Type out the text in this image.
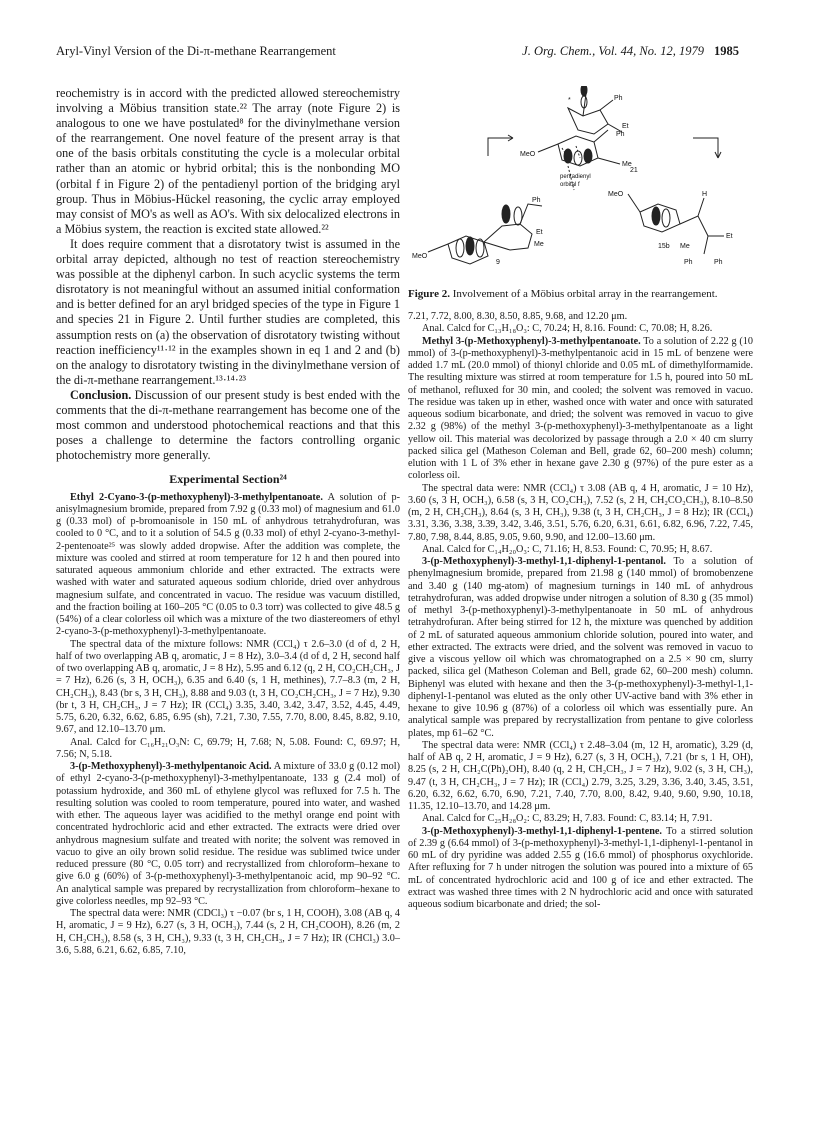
Aryl-Vinyl Version of the Di-π-methane Rearrangement	J. Org. Chem., Vol. 44, No. 12, 1979 1985

reochemistry is in accord with the predicted allowed stereochemistry involving a Möbius transition state.²² The array (note Figure 2) is analogous to one we have postulated⁸ for the divinylmethane version of the rearrangement. One novel feature of the present array is that one of the basis orbitals constituting the cycle is a molecular orbital rather than an atomic or hybrid orbital; this is the nonbonding MO (orbital f in Figure 2) of the pentadienyl portion of the bridging aryl group. Thus in Möbius-Hückel reasoning, the cyclic array employed may consist of MO's as well as AO's. With six delocalized electrons in a Möbius system, the reaction is excited state allowed.²²

It does require comment that a disrotatory twist is assumed in the orbital array depicted, although no test of reaction stereochemistry was possible at the diphenyl carbon. In such acyclic systems the term disrotatory is not meaningful without an assumed initial conformation and is better defined for an aryl bridged species of the type in Figure 1 and species 21 in Figure 2. Until further studies are completed, this assumption rests on (a) the observation of disrotatory twisting without reaction inefficiency¹¹·¹² in the examples shown in eq 1 and 2 and (b) on the analogy to disrotatory twisting in the divinylmethane version of the di-π-methane rearrangement.¹³·¹⁴·²³

Conclusion. Discussion of our present study is best ended with the comments that the di-π-methane rearrangement has become one of the most common and understood photochemical reactions and that this poses a challenge to determine the factors controlling organic photochemistry more generally.

Experimental Section²⁴

Ethyl 2-Cyano-3-(p-methoxyphenyl)-3-methylpentanoate. A solution of p-anisylmagnesium bromide, prepared from 7.92 g (0.33 mol) of magnesium and 61.0 g (0.33 mol) of p-bromoanisole in 150 mL of anhydrous tetrahydrofuran, was cooled to 0 °C, and to it a solution of 54.5 g (0.33 mol) of ethyl 2-cyano-3-methyl-2-pentenoate²⁵ was slowly added dropwise. After the addition was complete, the mixture was cooled and stirred at room temperature for 12 h and then poured into saturated aqueous ammonium chloride and ether extracted. The extracts were washed with water and saturated aqueous sodium chloride, dried over anhydrous magnesium sulfate, and concentrated in vacuo. The residue was vacuum distilled, and the fraction boiling at 160–205 °C (0.05 to 0.3 torr) was collected to give 48.5 g (54%) of a clear colorless oil which was a mixture of the two diastereomers of ethyl 2-cyano-3-(p-methoxyphenyl)-3-methylpentanoate.

The spectral data of the mixture follows: NMR (CCl₄) τ 2.6–3.0 (d of d, 2 H, half of two overlapping AB q, aromatic, J = 8 Hz), 3.0–3.4 (d of d, 2 H, second half of two overlapping AB q, aromatic, J = 8 Hz), 5.95 and 6.12 (q, 2 H, CO₂CH₂CH₃, J = 7 Hz), 6.26 (s, 3 H, OCH₃), 6.35 and 6.40 (s, 1 H, methines), 7.7–8.3 (m, 2 H, CH₂CH₃), 8.43 (br s, 3 H, CH₃), 8.88 and 9.03 (t, 3 H, CO₂CH₂CH₃, J = 7 Hz), 9.30 (br t, 3 H, CH₂CH₃, J = 7 Hz); IR (CCl₄) 3.35, 3.40, 3.42, 3.47, 3.52, 4.45, 4.49, 5.75, 6.20, 6.32, 6.62, 6.85, 6.95 (sh), 7.21, 7.30, 7.55, 7.70, 8.00, 8.45, 8.82, 9.10, 9.67, and 12.10–13.70 μm.

Anal. Calcd for C₁₆H₂₁O₃N: C, 69.79; H, 7.68; N, 5.08. Found: C, 69.97; H, 7.56; N, 5.18.

3-(p-Methoxyphenyl)-3-methylpentanoic Acid. A mixture of 33.0 g (0.12 mol) of ethyl 2-cyano-3-(p-methoxyphenyl)-3-methylpentanoate, 133 g (2.4 mol) of potassium hydroxide, and 360 mL of ethylene glycol was refluxed for 7.5 h. The resulting solution was cooled to room temperature, poured into water, and washed with ether. The aqueous layer was acidified to the methyl orange end point with concentrated hydrochloric acid and ether extracted. The extracts were dried over anhydrous magnesium sulfate and treated with norite; the solvent was removed in vacuo to give an oily brown solid residue. The residue was sublimed twice under reduced pressure (80 °C, 0.05 torr) and recrystallized from chloroform–hexane to give 6.0 g (60%) of 3-(p-methoxyphenyl)-3-methylpentanoic acid, mp 90–92 °C. An analytical sample was prepared by recrystallization from chloroform–hexane to give colorless needles, mp 92–93 °C.

The spectral data were: NMR (CDCl₃) τ −0.07 (br s, 1 H, COOH), 3.08 (AB q, 4 H, aromatic, J = 9 Hz), 6.27 (s, 3 H, OCH₃), 7.44 (s, 2 H, CH₂COOH), 8.26 (m, 2 H, CH₂CH₃), 8.58 (s, 3 H, CH₃), 9.33 (t, 3 H, CH₂CH₃, J = 7 Hz); IR (CHCl₃) 3.0–3.6, 5.88, 6.21, 6.62, 6.85, 7.10,

Ph
Et
Ph
Me
MeO
21
pentadienyl
orbital f
*
Ph
Et
Me
MeO
9
MeO	H
Et
15b Me
Ph	Ph
Figure 2. Involvement of a Möbius orbital array in the rearrangement.

7.21, 7.72, 8.00, 8.30, 8.50, 8.85, 9.68, and 12.20 μm.

Anal. Calcd for C₁₃H₁₈O₃: C, 70.24; H, 8.16. Found: C, 70.08; H, 8.26.

Methyl 3-(p-Methoxyphenyl)-3-methylpentanoate. To a solution of 2.22 g (10 mmol) of 3-(p-methoxyphenyl)-3-methylpentanoic acid in 15 mL of benzene were added 1.7 mL (20.0 mmol) of thionyl chloride and 0.05 mL of dimethylformamide. The resulting mixture was stirred at room temperature for 1.5 h, poured into 50 mL of methanol, refluxed for 30 min, and cooled; the solvent was removed in vacuo. The residue was taken up in ether, washed once with water and once with saturated aqueous sodium bicarbonate, and dried; the solvent was removed in vacuo to give 2.32 g (98%) of the methyl 3-(p-methoxyphenyl)-3-methylpentanoate as a light yellow oil. This material was decolorized by passage through a 2.0 × 40 cm slurry packed silica gel (Matheson Coleman and Bell, grade 62, 60–200 mesh) column; elution with 1 L of 3% ether in hexane gave 2.30 g (97%) of the pure ester as a colorless oil.

The spectral data were: NMR (CCl₄) τ 3.08 (AB q, 4 H, aromatic, J = 10 Hz), 3.60 (s, 3 H, OCH₃), 6.58 (s, 3 H, CO₂CH₃), 7.52 (s, 2 H, CH₂CO₂CH₃), 8.10–8.50 (m, 2 H, CH₂CH₃), 8.64 (s, 3 H, CH₃), 9.38 (t, 3 H, CH₂CH₃, J = 8 Hz); IR (CCl₄) 3.31, 3.36, 3.38, 3.39, 3.42, 3.46, 3.51, 5.76, 6.20, 6.31, 6.61, 6.82, 6.96, 7.22, 7.45, 7.80, 7.98, 8.44, 8.85, 9.05, 9.60, 9.90, and 12.00–13.60 μm.

Anal. Calcd for C₁₄H₂₀O₃: C, 71.16; H, 8.53. Found: C, 70.95; H, 8.67.

3-(p-Methoxyphenyl)-3-methyl-1,1-diphenyl-1-pentanol. To a solution of phenylmagnesium bromide, prepared from 21.98 g (140 mmol) of bromobenzene and 3.40 g (140 mg-atom) of magnesium turnings in 140 mL of anhydrous tetrahydrofuran, was added dropwise under nitrogen a solution of 8.30 g (35 mmol) of methyl 3-(p-methoxyphenyl)-3-methylpentanoate in 50 mL of anhydrous tetrahydrofuran. After being stirred for 12 h, the mixture was quenched by addition of 2 mL of saturated aqueous ammonium chloride solution, poured into water, and ether extracted. The extracts were dried, and the solvent was removed in vacuo to give a viscous yellow oil which was chromatographed on a 2.5 × 90 cm, slurry packed, silica gel (Matheson Coleman and Bell, grade 62, 60–200 mesh) column. Biphenyl was eluted with hexane and then the 3-(p-methoxyphenyl)-3-methyl-1,1-diphenyl-1-pentanol was eluted as the only other UV-active band with 3% ether in hexane to give 10.96 g (87%) of a colorless oil which was essentially pure. An analytical sample was prepared by recrystallization from pentane to give colorless plates, mp 61–62 °C.

The spectral data were: NMR (CCl₄) τ 2.48–3.04 (m, 12 H, aromatic), 3.29 (d, half of AB q, 2 H, aromatic, J = 9 Hz), 6.27 (s, 3 H, OCH₃), 7.21 (br s, 1 H, OH), 8.25 (s, 2 H, CH₂C(Ph)₂OH), 8.40 (q, 2 H, CH₂CH₃, J = 7 Hz), 9.02 (s, 3 H, CH₃), 9.47 (t, 3 H, CH₂CH₃, J = 7 Hz); IR (CCl₄) 2.79, 3.25, 3.29, 3.36, 3.40, 3.45, 3.51, 6.20, 6.32, 6.62, 6.70, 6.90, 7.21, 7.40, 7.70, 8.00, 8.42, 9.40, 9.60, 9.90, 10.18, 11.35, 12.10–13.70, and 14.28 μm.

Anal. Calcd for C₂₅H₂₈O₂: C, 83.29; H, 7.83. Found: C, 83.14; H, 7.91.

3-(p-Methoxyphenyl)-3-methyl-1,1-diphenyl-1-pentene. To a stirred solution of 2.39 g (6.64 mmol) of 3-(p-methoxyphenyl)-3-methyl-1,1-diphenyl-1-pentanol in 60 mL of dry pyridine was added 2.55 g (16.6 mmol) of phosphorus oxychloride. After refluxing for 7 h under nitrogen the solution was poured into a mixture of 65 mL of concentrated hydrochloric acid and 100 g of ice and ether extracted. The extract was washed three times with 2 N hydrochloric acid and once with saturated aqueous sodium bicarbonate and dried; the sol-
